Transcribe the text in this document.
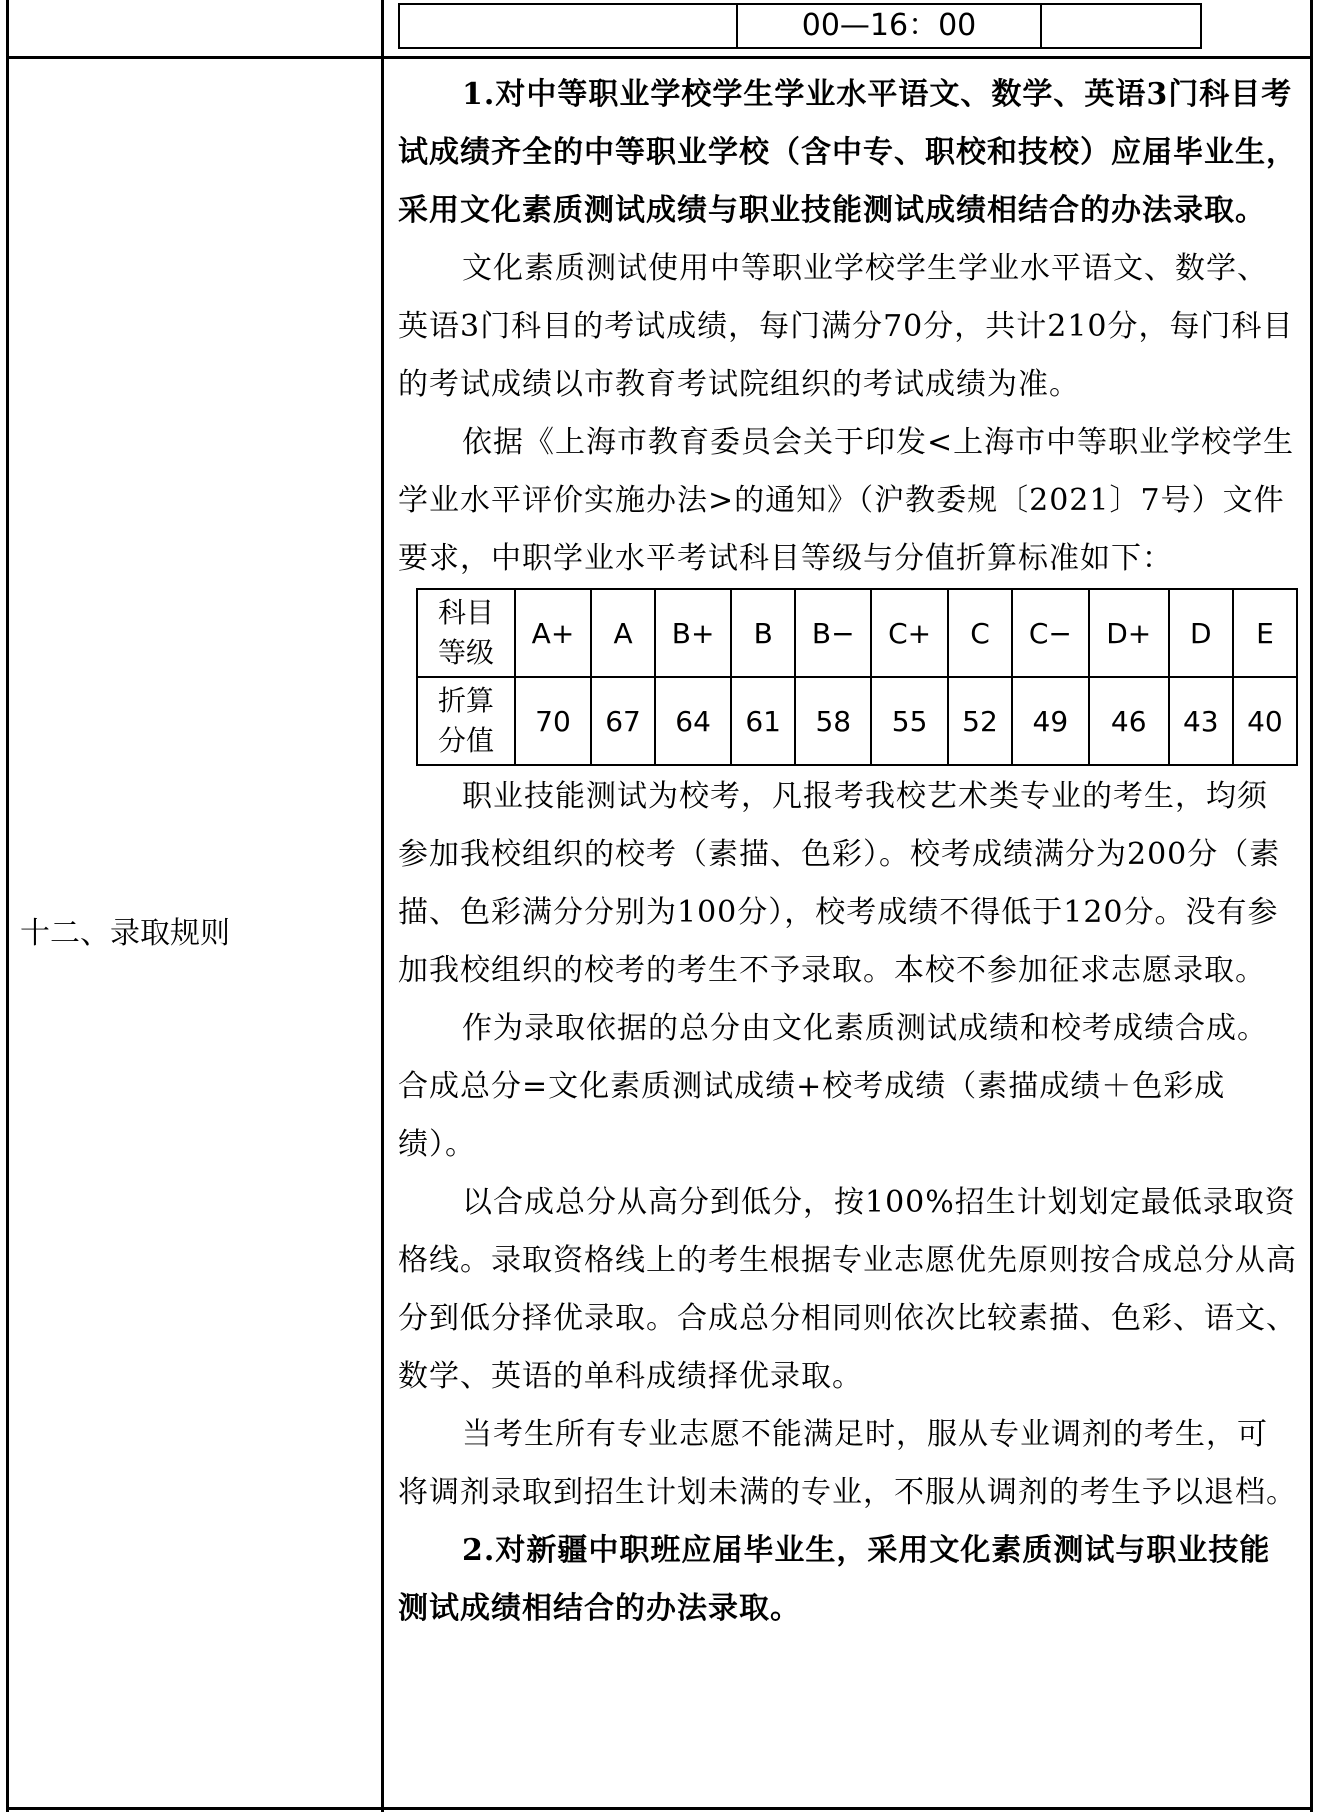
00—16：00
十二、录取规则

1.对中等职业学校学生学业水平语文、数学、英语3门科目考试成绩齐全的中等职业学校（含中专、职校和技校）应届毕业生，采用文化素质测试成绩与职业技能测试成绩相结合的办法录取。

文化素质测试使用中等职业学校学生学业水平语文、数学、英语3门科目的考试成绩，每门满分70分，共计210分，每门科目的考试成绩以市教育考试院组织的考试成绩为准。

依据《上海市教育委员会关于印发<上海市中等职业学校学生学业水平评价实施办法>的通知》（沪教委规〔2021〕7号）文件要求，中职学业水平考试科目等级与分值折算标准如下：

科目
等级	A+	A	B+	B	B−	C+	C	C−	D+	D	E

折算
分值	70	67	64	61	58	55	52	49	46	43	40

职业技能测试为校考，凡报考我校艺术类专业的考生，均须参加我校组织的校考（素描、色彩）。校考成绩满分为200分（素描、色彩满分分别为100分），校考成绩不得低于120分。没有参加我校组织的校考的考生不予录取。本校不参加征求志愿录取。

作为录取依据的总分由文化素质测试成绩和校考成绩合成。合成总分=文化素质测试成绩+校考成绩（素描成绩＋色彩成绩）。

以合成总分从高分到低分，按100%招生计划划定最低录取资格线。录取资格线上的考生根据专业志愿优先原则按合成总分从高分到低分择优录取。合成总分相同则依次比较素描、色彩、语文、数学、英语的单科成绩择优录取。

当考生所有专业志愿不能满足时，服从专业调剂的考生，可将调剂录取到招生计划未满的专业，不服从调剂的考生予以退档。

2.对新疆中职班应届毕业生，采用文化素质测试与职业技能测试成绩相结合的办法录取。
